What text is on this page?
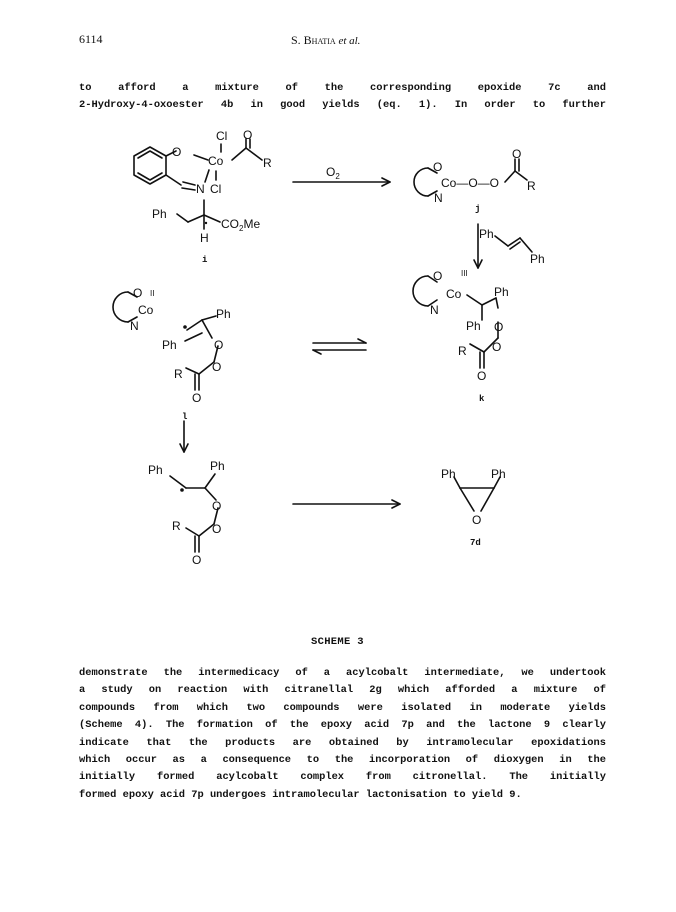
6114	S. Bhatia et al.
to afford a mixture of the corresponding epoxide 7c and
2-Hydroxy-4-oxoester 4b in good yields (eq. 1). In order to further
Cl O
O
Co	R
N Cl
Ph
$CO_2Me$
H
i
$O_2$
O
N
Co—O—O
O
R
j
Ph
Ph
O III
Co
N
Ph
Ph O
O
R
O
k
O II
Co
N
Ph
Ph	O
O
R
O
l
Ph	Ph
O
O
R
O
Ph	Ph
O
7d
SCHEME 3
demonstrate the intermedicacy of a acylcobalt intermediate, we undertook
a study on reaction with citranellal 2g which afforded a mixture of
compounds from which two compounds were isolated in moderate yields
(Scheme 4). The formation of the epoxy acid 7p and the lactone 9 clearly
indicate that the products are obtained by intramolecular epoxidations
which occur as a consequence to the incorporation of dioxygen in the
initially formed acylcobalt complex from citronellal. The initially
formed epoxy acid 7p undergoes intramolecular lactonisation to yield 9.
